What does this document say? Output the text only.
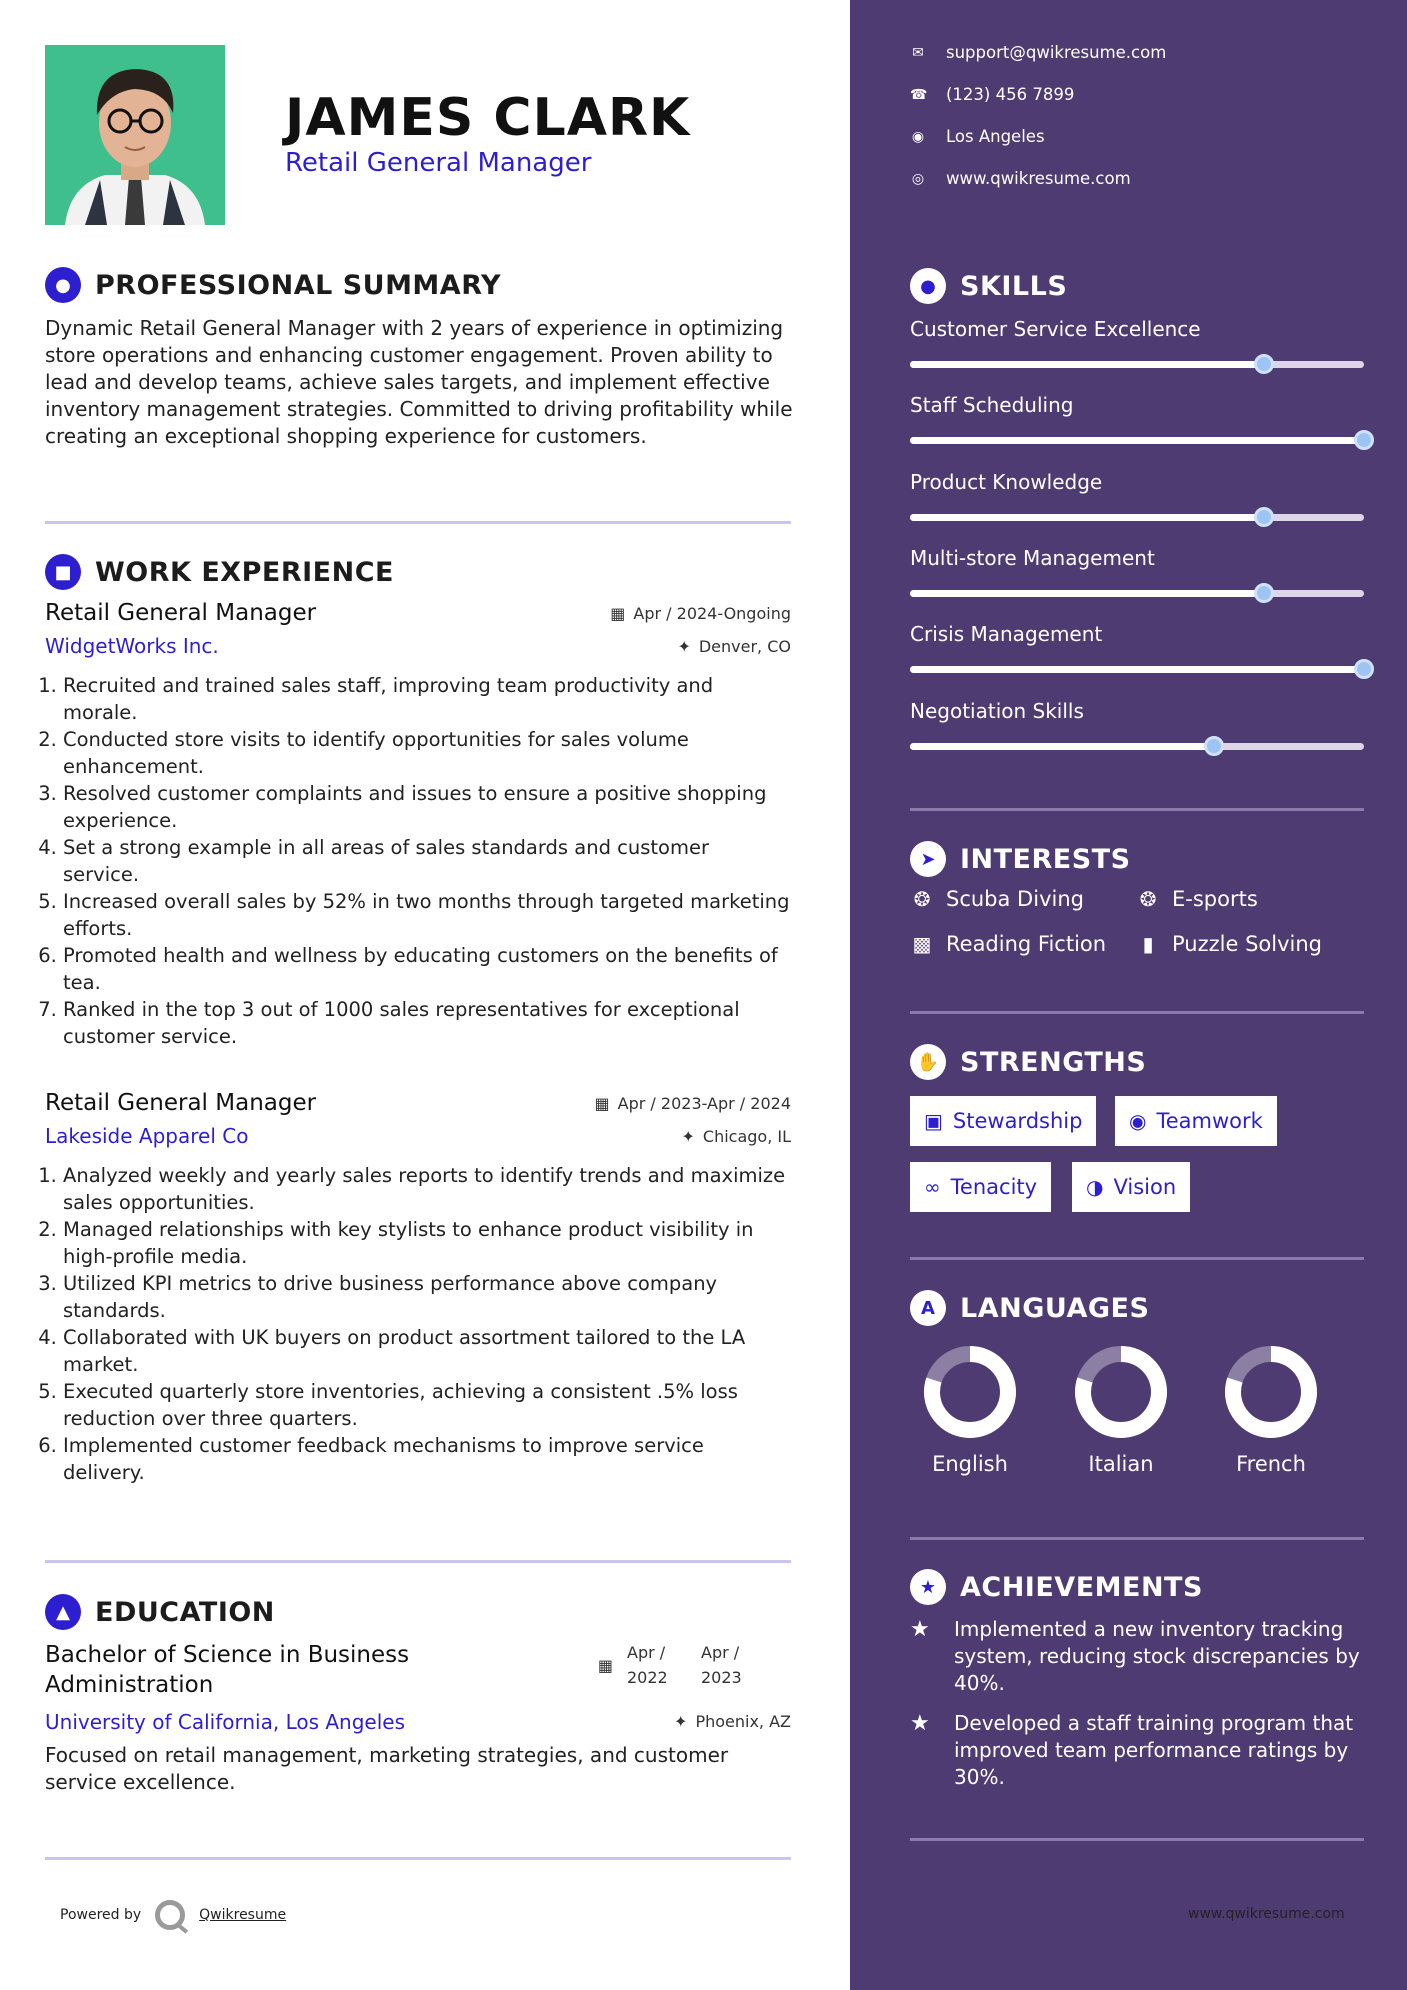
JAMES CLARK
Retail General Manager
● PROFESSIONAL SUMMARY
Dynamic Retail General Manager with 2 years of experience in optimizing store operations and enhancing customer engagement. Proven ability to lead and develop teams, achieve sales targets, and implement effective inventory management strategies. Committed to driving profitability while creating an exceptional shopping experience for customers.
■ WORK EXPERIENCE
Retail General Manager	▦ Apr / 2024-Ongoing
WidgetWorks Inc.	✦ Denver, CO
1. Recruited and trained sales staff, improving team productivity and morale.
2. Conducted store visits to identify opportunities for sales volume enhancement.
3. Resolved customer complaints and issues to ensure a positive shopping experience.
4. Set a strong example in all areas of sales standards and customer service.
5. Increased overall sales by 52% in two months through targeted marketing efforts.
6. Promoted health and wellness by educating customers on the benefits of tea.
7. Ranked in the top 3 out of 1000 sales representatives for exceptional customer service.
Retail General Manager	▦ Apr / 2023-Apr / 2024
Lakeside Apparel Co	✦ Chicago, IL
1. Analyzed weekly and yearly sales reports to identify trends and maximize sales opportunities.
2. Managed relationships with key stylists to enhance product visibility in high-profile media.
3. Utilized KPI metrics to drive business performance above company standards.
4. Collaborated with UK buyers on product assortment tailored to the LA market.
5. Executed quarterly store inventories, achieving a consistent .5% loss reduction over three quarters.
6. Implemented customer feedback mechanisms to improve service delivery.
▲ EDUCATION
Bachelor of Science in Business Administration
▦
Apr / 2022
Apr / 2023
University of California, Los Angeles	✦ Phoenix, AZ
Focused on retail management, marketing strategies, and customer service excellence.
Powered by	Qwikresume
✉ support@qwikresume.com
☎ (123) 456 7899
◉ Los Angeles
◎ www.qwikresume.com
● SKILLS
Customer Service Excellence
Staff Scheduling
Product Knowledge
Multi-store Management
Crisis Management
Negotiation Skills
➤ INTERESTS
❂ Scuba Diving	❂ E-sports
▩ Reading Fiction	▮ Puzzle Solving
✋ STRENGTHS
▣ Stewardship ◉ Teamwork
∞ Tenacity ◑ Vision
A LANGUAGES
English	Italian	French
★ ACHIEVEMENTS
★	Implemented a new inventory tracking system, reducing stock discrepancies by 40%.
★	Developed a staff training program that improved team performance ratings by 30%.
www.qwikresume.com
